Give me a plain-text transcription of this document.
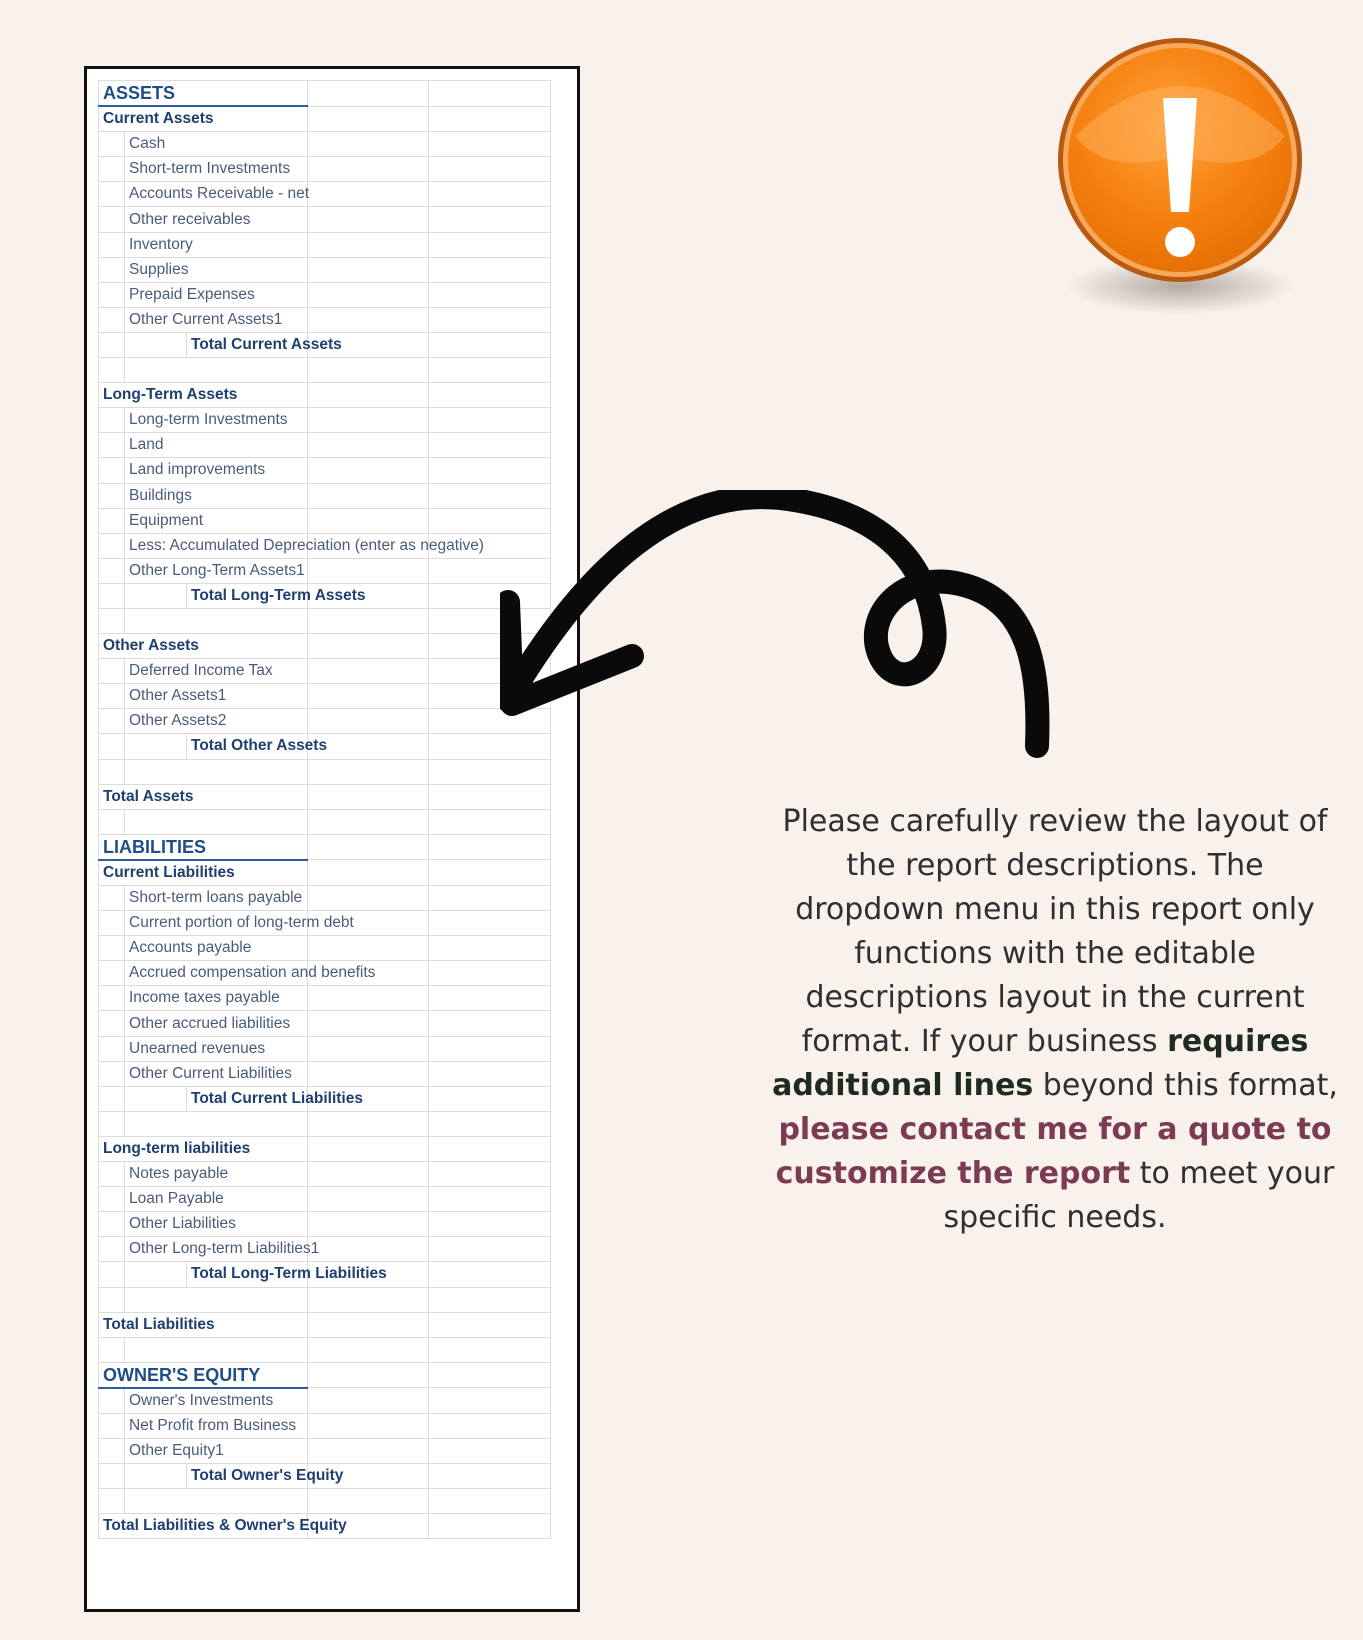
ASSETS				
Current Assets				
	Cash			
	Short-term Investments			
	Accounts Receivable - net			
	Other receivables			
	Inventory			
	Supplies			
	Prepaid Expenses			
	Other Current Assets1			
		Total Current Assets		

Long-Term Assets				
	Long-term Investments			
	Land			
	Land improvements			
	Buildings			
	Equipment			
	Less: Accumulated Depreciation (enter as negative)			
	Other Long-Term Assets1			
		Total Long-Term Assets		

Other Assets				
	Deferred Income Tax			
	Other Assets1			
	Other Assets2			
		Total Other Assets		

Total Assets				

LIABILITIES				
Current Liabilities				
	Short-term loans payable			
	Current portion of long-term debt			
	Accounts payable			
	Accrued compensation and benefits			
	Income taxes payable			
	Other accrued liabilities			
	Unearned revenues			
	Other Current Liabilities			
		Total Current Liabilities		

Long-term liabilities				
	Notes payable			
	Loan Payable			
	Other Liabilities			
	Other Long-term Liabilities1			
		Total Long-Term Liabilities		

Total Liabilities				

OWNER'S EQUITY				
	Owner's Investments			
	Net Profit from Business			
	Other Equity1			
		Total Owner's Equity		

Total Liabilities & Owner's Equity				
Please carefully review the layout of the report descriptions. The dropdown menu in this report only functions with the editable descriptions layout in the current format. If your business requires additional lines beyond this format, please contact me for a quote to customize the report to meet your specific needs.
